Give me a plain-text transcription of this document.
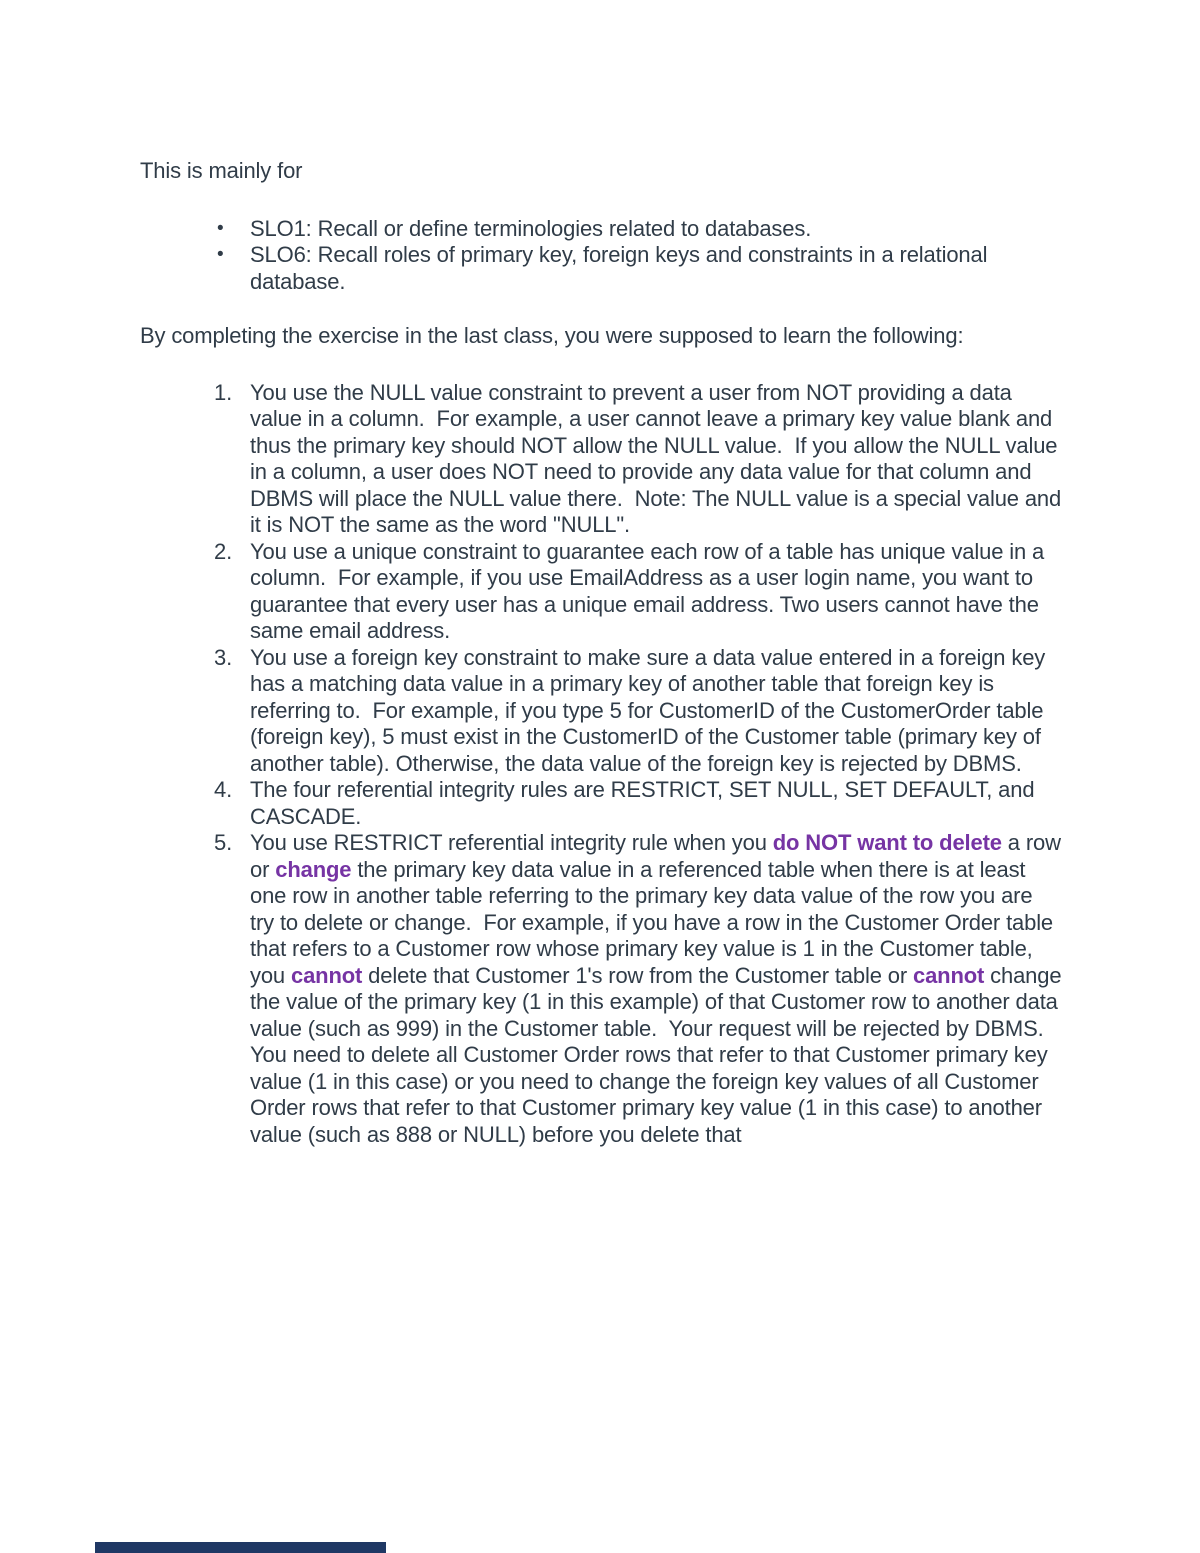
This is mainly for

•	SLO1: Recall or define terminologies related to databases.
•	SLO6: Recall roles of primary key, foreign keys and constraints in a relational database.

By completing the exercise in the last class, you were supposed to learn the following:

1. You use the NULL value constraint to prevent a user from NOT providing a data value in a column.  For example, a user cannot leave a primary key value blank and thus the primary key should NOT allow the NULL value.  If you allow the NULL value in a column, a user does NOT need to provide any data value for that column and DBMS will place the NULL value there.  Note: The NULL value is a special value and it is NOT the same as the word "NULL".
2. You use a unique constraint to guarantee each row of a table has unique value in a column.  For example, if you use EmailAddress as a user login name, you want to guarantee that every user has a unique email address. Two users cannot have the same email address.
3. You use a foreign key constraint to make sure a data value entered in a foreign key has a matching data value in a primary key of another table that foreign key is referring to.  For example, if you type 5 for CustomerID of the CustomerOrder table (foreign key), 5 must exist in the CustomerID of the Customer table (primary key of another table). Otherwise, the data value of the foreign key is rejected by DBMS.
4. The four referential integrity rules are RESTRICT, SET NULL, SET DEFAULT, and CASCADE.
5. You use RESTRICT referential integrity rule when you do NOT want to delete a row or change the primary key data value in a referenced table when there is at least one row in another table referring to the primary key data value of the row you are try to delete or change.  For example, if you have a row in the Customer Order table that refers to a Customer row whose primary key value is 1 in the Customer table, you cannot delete that Customer 1's row from the Customer table or cannot change the value of the primary key (1 in this example) of that Customer row to another data value (such as 999) in the Customer table.  Your request will be rejected by DBMS.  You need to delete all Customer Order rows that refer to that Customer primary key value (1 in this case) or you need to change the foreign key values of all Customer Order rows that refer to that Customer primary key value (1 in this case) to another value (such as 888 or NULL) before you delete that
